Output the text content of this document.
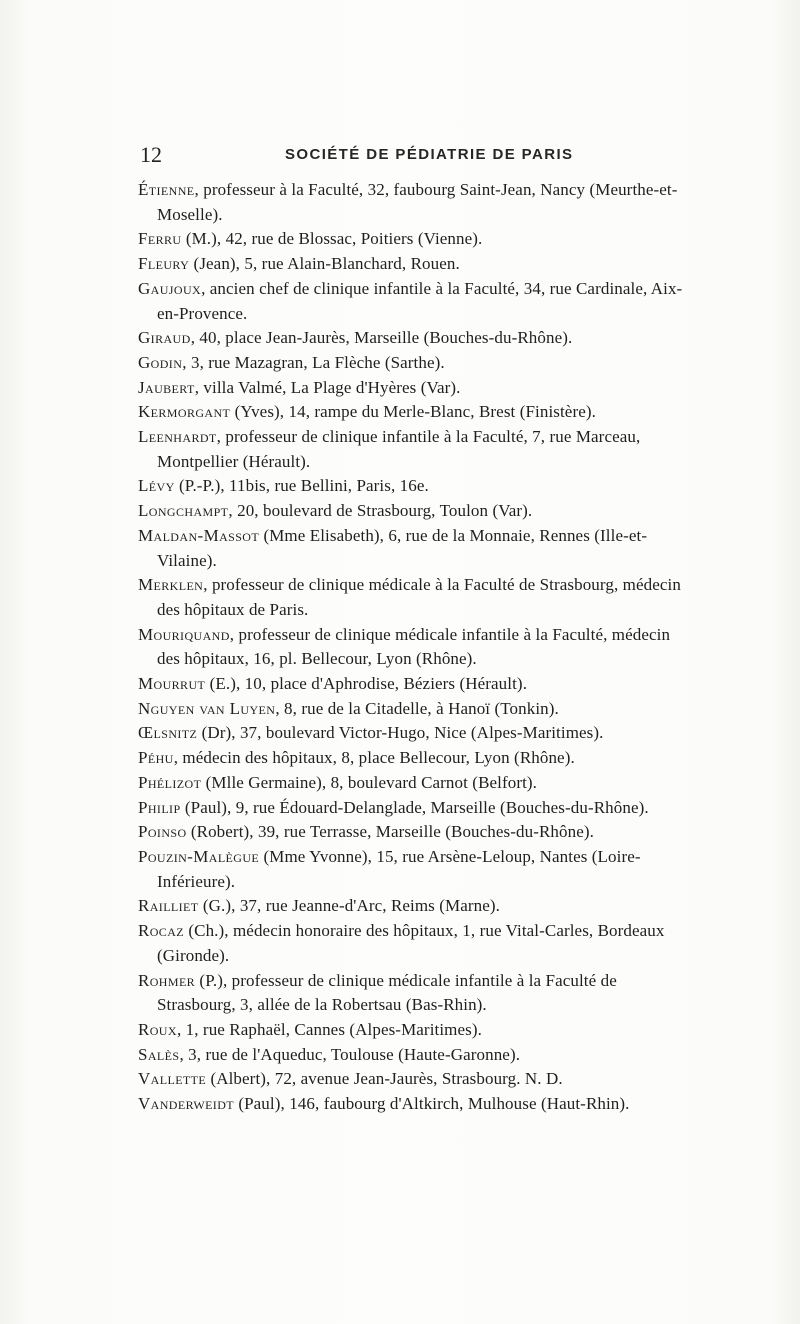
12	SOCIÉTÉ DE PÉDIATRIE DE PARIS
Étienne, professeur à la Faculté, 32, faubourg Saint-Jean, Nancy (Meurthe-et-Moselle).
Ferru (M.), 42, rue de Blossac, Poitiers (Vienne).
Fleury (Jean), 5, rue Alain-Blanchard, Rouen.
Gaujoux, ancien chef de clinique infantile à la Faculté, 34, rue Cardinale, Aix-en-Provence.
Giraud, 40, place Jean-Jaurès, Marseille (Bouches-du-Rhône).
Godin, 3, rue Mazagran, La Flèche (Sarthe).
Jaubert, villa Valmé, La Plage d'Hyères (Var).
Kermorgant (Yves), 14, rampe du Merle-Blanc, Brest (Finistère).
Leenhardt, professeur de clinique infantile à la Faculté, 7, rue Marceau, Montpellier (Hérault).
Lévy (P.-P.), 11bis, rue Bellini, Paris, 16e.
Longchampt, 20, boulevard de Strasbourg, Toulon (Var).
Maldan-Massot (Mme Elisabeth), 6, rue de la Monnaie, Rennes (Ille-et-Vilaine).
Merklen, professeur de clinique médicale à la Faculté de Strasbourg, médecin des hôpitaux de Paris.
Mouriquand, professeur de clinique médicale infantile à la Faculté, médecin des hôpitaux, 16, pl. Bellecour, Lyon (Rhône).
Mourrut (E.), 10, place d'Aphrodise, Béziers (Hérault).
Nguyen van Luyen, 8, rue de la Citadelle, à Hanoï (Tonkin).
Œlsnitz (Dr), 37, boulevard Victor-Hugo, Nice (Alpes-Maritimes).
Péhu, médecin des hôpitaux, 8, place Bellecour, Lyon (Rhône).
Phélizot (Mlle Germaine), 8, boulevard Carnot (Belfort).
Philip (Paul), 9, rue Édouard-Delanglade, Marseille (Bouches-du-Rhône).
Poinso (Robert), 39, rue Terrasse, Marseille (Bouches-du-Rhône).
Pouzin-Malègue (Mme Yvonne), 15, rue Arsène-Leloup, Nantes (Loire-Inférieure).
Railliet (G.), 37, rue Jeanne-d'Arc, Reims (Marne).
Rocaz (Ch.), médecin honoraire des hôpitaux, 1, rue Vital-Carles, Bordeaux (Gironde).
Rohmer (P.), professeur de clinique médicale infantile à la Faculté de Strasbourg, 3, allée de la Robertsau (Bas-Rhin).
Roux, 1, rue Raphaël, Cannes (Alpes-Maritimes).
Salès, 3, rue de l'Aqueduc, Toulouse (Haute-Garonne).
Vallette (Albert), 72, avenue Jean-Jaurès, Strasbourg. N. D.
Vanderweidt (Paul), 146, faubourg d'Altkirch, Mulhouse (Haut-Rhin).
